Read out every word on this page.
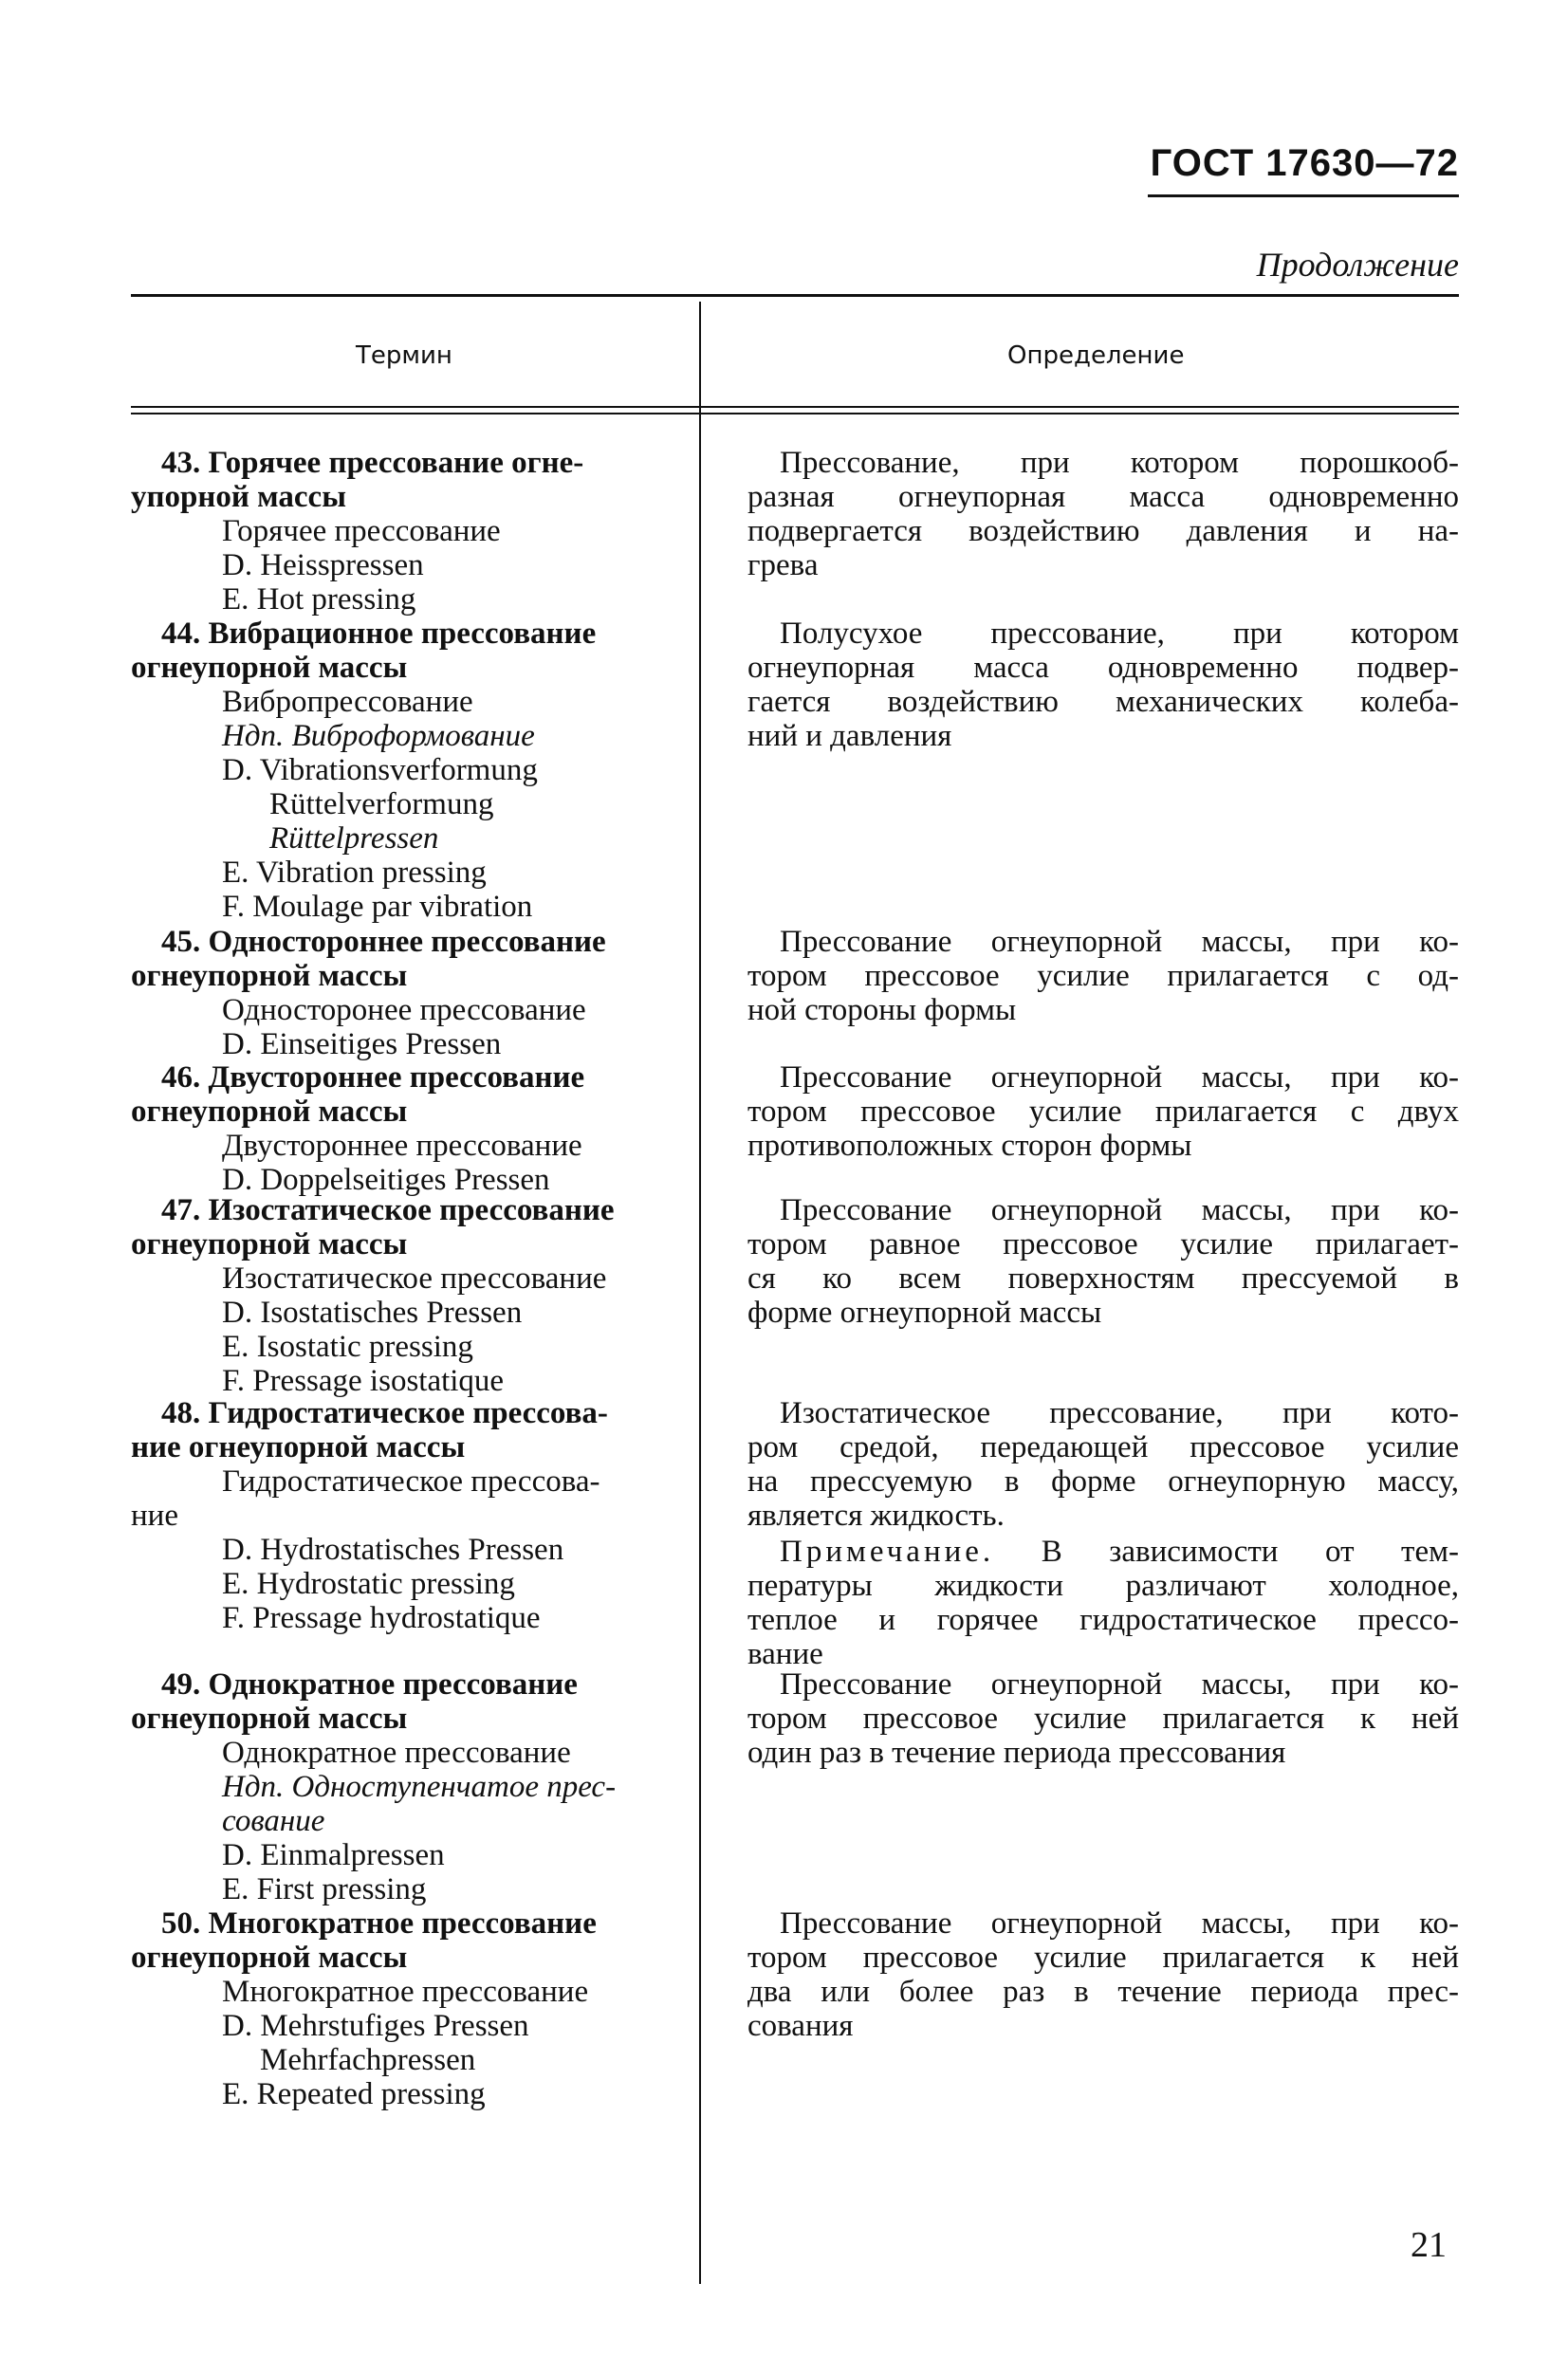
ГОСТ 17630—72
Продолжение
Термин	Определение
43. Горячее прессование огне-
упорной массы
Горячее прессование
D. Heisspressen
E. Hot pressing
Прессование, при котором порошкооб-
разная огнеупорная масса одновременно
подвергается воздействию давления и на-
грева
44. Вибрационное прессование
огнеупорной массы
Вибропрессование
Ндп. Виброформование
D. Vibrationsverformung
Rüttelverformung
Rüttelpressen
E. Vibration pressing
F. Moulage par vibration
Полусухое прессование, при котором
огнеупорная масса одновременно подвер-
гается воздействию механических колеба-
ний и давления
45. Одностороннее прессование
огнеупорной массы
Односторонее прессование
D. Einseitiges Pressen
Прессование огнеупорной массы, при ко-
тором прессовое усилие прилагается с од-
ной стороны формы
46. Двустороннее прессование
огнеупорной массы
Двустороннее прессование
D. Doppelseitiges Pressen
Прессование огнеупорной массы, при ко-
тором прессовое усилие прилагается с двух
противоположных сторон формы
47. Изостатическое прессование
огнеупорной массы
Изостатическое прессование
D. Isostatisches Pressen
E. Isostatic pressing
F. Pressage isostatique
Прессование огнеупорной массы, при ко-
тором равное прессовое усилие прилагает-
ся ко всем поверхностям прессуемой в
форме огнеупорной массы
48. Гидростатическое прессова-
ние огнеупорной массы
Гидростатическое прессова-
ние
D. Hydrostatisches Pressen
E. Hydrostatic pressing
F. Pressage hydrostatique
Изостатическое прессование, при кото-
ром средой, передающей прессовое усилие
на прессуемую в форме огнеупорную массу,
является жидкость.
Примечание. В зависимости от тем-
пературы жидкости различают холодное,
теплое и горячее гидростатическое прессо-
вание
49. Однократное прессование
огнеупорной массы
Однократное прессование
Ндп. Одноступенчатое прес-
сование
D. Einmalpressen
E. First pressing
Прессование огнеупорной массы, при ко-
тором прессовое усилие прилагается к ней
один раз в течение периода прессования
50. Многократное прессование
огнеупорной массы
Многократное прессование
D. Mehrstufiges Pressen
Mehrfachpressen
E. Repeated pressing
Прессование огнеупорной массы, при ко-
тором прессовое усилие прилагается к ней
два или более раз в течение периода прес-
сования
21
